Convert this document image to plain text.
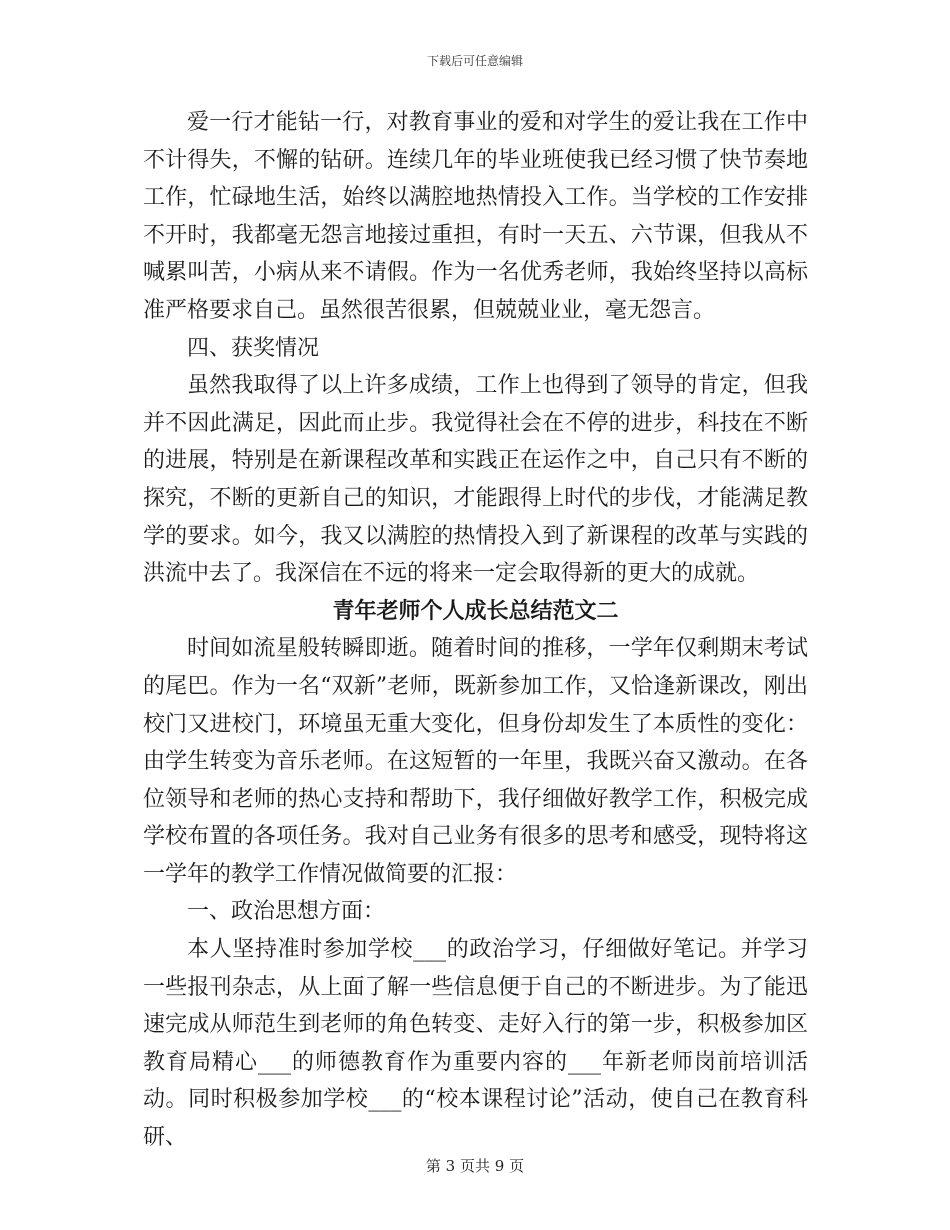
下载后可任意编辑

爱一行才能钻一行，对教育事业的爱和对学生的爱让我在工作中不计得失，不懈的钻研。连续几年的毕业班使我已经习惯了快节奏地工作，忙碌地生活，始终以满腔地热情投入工作。当学校的工作安排不开时，我都毫无怨言地接过重担，有时一天五、六节课，但我从不喊累叫苦，小病从来不请假。作为一名优秀老师，我始终坚持以高标准严格要求自己。虽然很苦很累，但兢兢业业，毫无怨言。

四、获奖情况

虽然我取得了以上许多成绩，工作上也得到了领导的肯定，但我并不因此满足，因此而止步。我觉得社会在不停的进步，科技在不断的进展，特别是在新课程改革和实践正在运作之中，自己只有不断的探究，不断的更新自己的知识，才能跟得上时代的步伐，才能满足教学的要求。如今，我又以满腔的热情投入到了新课程的改革与实践的洪流中去了。我深信在不远的将来一定会取得新的更大的成就。

青年老师个人成长总结范文二

时间如流星般转瞬即逝。随着时间的推移，一学年仅剩期末考试的尾巴。作为一名“双新”老师，既新参加工作，又恰逢新课改，刚出校门又进校门，环境虽无重大变化，但身份却发生了本质性的变化：由学生转变为音乐老师。在这短暂的一年里，我既兴奋又激动。在各位领导和老师的热心支持和帮助下，我仔细做好教学工作，积极完成学校布置的各项任务。我对自己业务有很多的思考和感受，现特将这一学年的教学工作情况做简要的汇报：

一、政治思想方面：

本人坚持准时参加学校___的政治学习，仔细做好笔记。并学习一些报刊杂志，从上面了解一些信息便于自己的不断进步。为了能迅速完成从师范生到老师的角色转变、走好入行的第一步，积极参加区教育局精心___的师德教育作为重要内容的___年新老师岗前培训活动。同时积极参加学校___的“校本课程讨论”活动，使自己在教育科研、

第 3 页共 9 页
